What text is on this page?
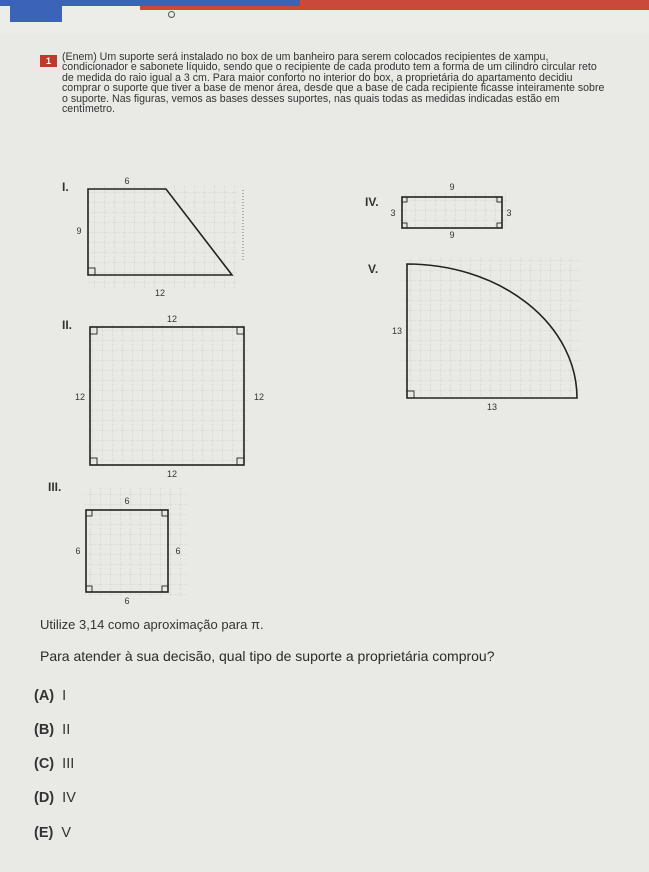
1	(Enem) Um suporte será instalado no box de um banheiro para serem colocados recipientes de xampu, condicionador e sabonete líquido, sendo que o recipiente de cada produto tem a forma de um cilindro circular reto de medida do raio igual a 3 cm. Para maior conforto no interior do box, a proprietária do apartamento decidiu comprar o suporte que tiver a base de menor área, desde que a base de cada recipiente ficasse inteiramente sobre o suporte. Nas figuras, vemos as bases desses suportes, nas quais todas as medidas indicadas estão em centímetro.

I.	6
9
12
II.	12
12	12
12
III.
6
6	6
6
IV.
9
3	3
9
V.
13
13

Utilize 3,14 como aproximação para π.

Para atender à sua decisão, qual tipo de suporte a proprietária comprou?

(A) I
(B) II
(C) III
(D) IV
(E) V
